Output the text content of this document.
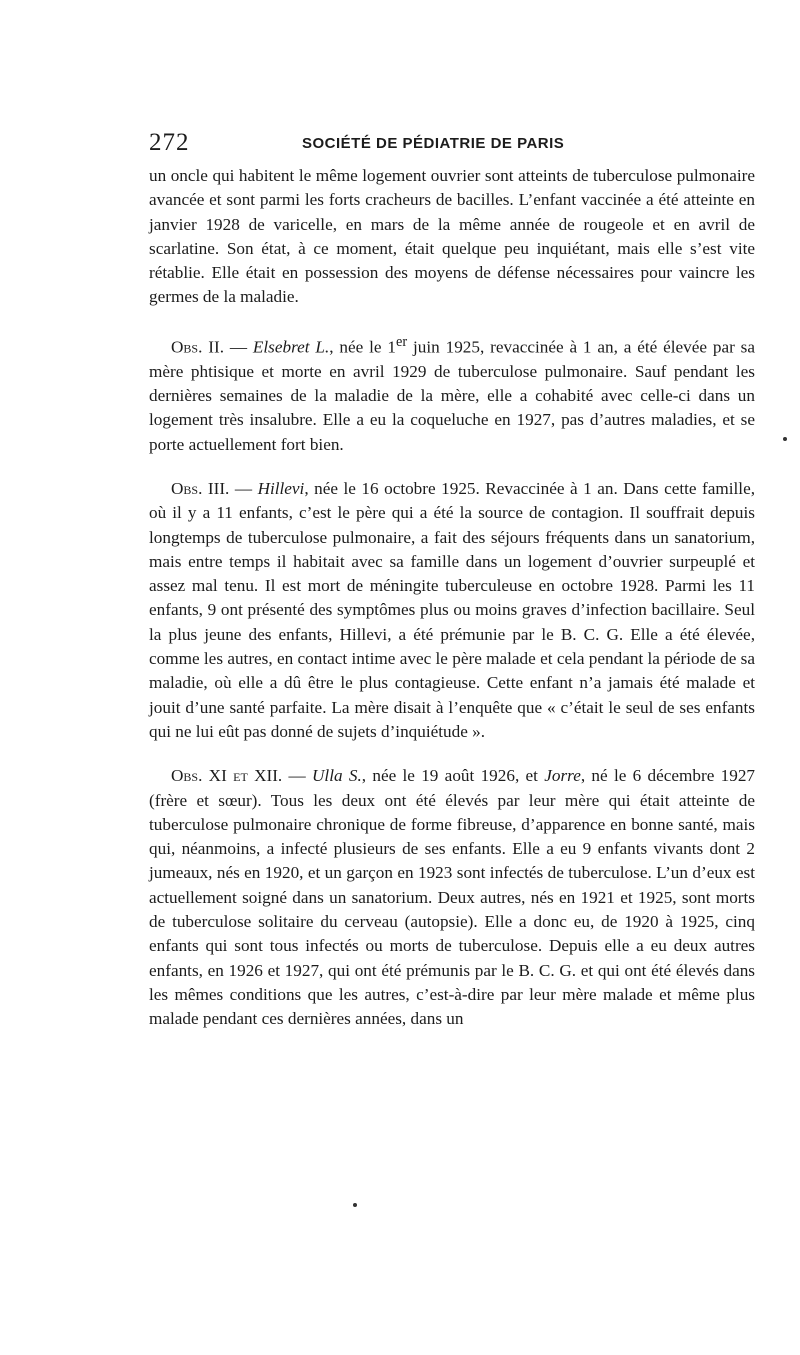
272	SOCIÉTÉ DE PÉDIATRIE DE PARIS

un oncle qui habitent le même logement ouvrier sont atteints de tuberculose pulmonaire avancée et sont parmi les forts cracheurs de bacilles. L’enfant vaccinée a été atteinte en janvier 1928 de varicelle, en mars de la même année de rougeole et en avril de scarlatine. Son état, à ce moment, était quelque peu inquiétant, mais elle s’est vite rétablie. Elle était en possession des moyens de défense nécessaires pour vaincre les germes de la maladie.

Obs. II. — Elsebret L., née le 1er juin 1925, revaccinée à 1 an, a été élevée par sa mère phtisique et morte en avril 1929 de tuberculose pulmonaire. Sauf pendant les dernières semaines de la maladie de la mère, elle a cohabité avec celle-ci dans un logement très insalubre. Elle a eu la coqueluche en 1927, pas d’autres maladies, et se porte actuellement fort bien.

Obs. III. — Hillevi, née le 16 octobre 1925. Revaccinée à 1 an. Dans cette famille, où il y a 11 enfants, c’est le père qui a été la source de contagion. Il souffrait depuis longtemps de tuberculose pulmonaire, a fait des séjours fréquents dans un sanatorium, mais entre temps il habitait avec sa famille dans un logement d’ouvrier surpeuplé et assez mal tenu. Il est mort de méningite tuberculeuse en octobre 1928. Parmi les 11 enfants, 9 ont présenté des symptômes plus ou moins graves d’infection bacillaire. Seul la plus jeune des enfants, Hillevi, a été prémunie par le B. C. G. Elle a été élevée, comme les autres, en contact intime avec le père malade et cela pendant la période de sa maladie, où elle a dû être le plus contagieuse. Cette enfant n’a jamais été malade et jouit d’une santé parfaite. La mère disait à l’enquête que « c’était le seul de ses enfants qui ne lui eût pas donné de sujets d’inquiétude ».

Obs. XI et XII. — Ulla S., née le 19 août 1926, et Jorre, né le 6 décembre 1927 (frère et sœur). Tous les deux ont été élevés par leur mère qui était atteinte de tuberculose pulmonaire chronique de forme fibreuse, d’apparence en bonne santé, mais qui, néanmoins, a infecté plusieurs de ses enfants. Elle a eu 9 enfants vivants dont 2 jumeaux, nés en 1920, et un garçon en 1923 sont infectés de tuberculose. L’un d’eux est actuellement soigné dans un sanatorium. Deux autres, nés en 1921 et 1925, sont morts de tuberculose solitaire du cerveau (autopsie). Elle a donc eu, de 1920 à 1925, cinq enfants qui sont tous infectés ou morts de tuberculose. Depuis elle a eu deux autres enfants, en 1926 et 1927, qui ont été prémunis par le B. C. G. et qui ont été élevés dans les mêmes conditions que les autres, c’est-à-dire par leur mère malade et même plus malade pendant ces dernières années, dans un
